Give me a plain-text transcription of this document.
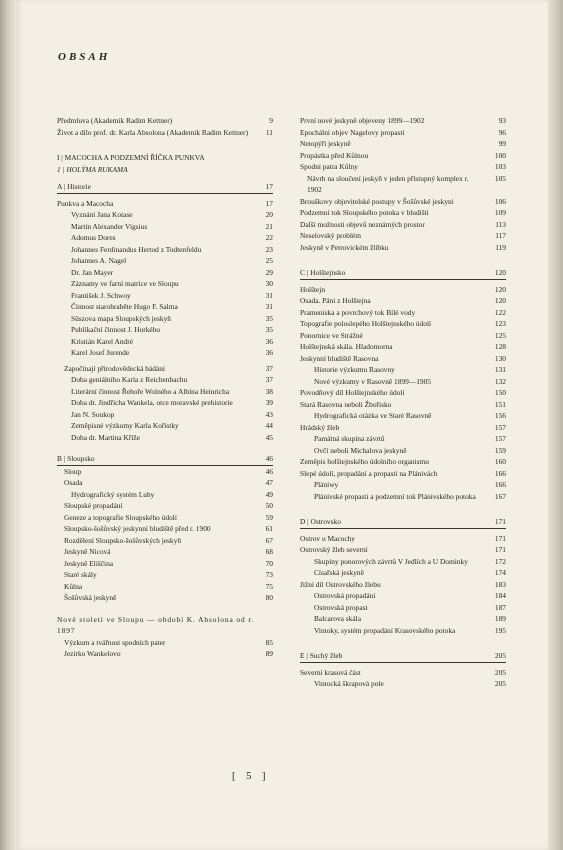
OBSAH
Předmluva (Akademik Radim Kettner)	9
Život a dílo prof. dr. Karla Absolona (Akademik Radim Kettner)	11
I | MACOCHA A PODZEMNÍ ŘÍČKA PUNKVA
1 | HOLÝMA RUKAMA
A | Historie	17
Punkva a Macocha	17
Vyznání Jana Kotase	20
Martin Alexander Vigsius	21
Adomus Dores	22
Johannes Ferdinandus Hertod z Todtenfeldu	23
Johannes A. Nagel	25
Dr. Jan Mayer	29
Záznamy ve farní matrice ve Sloupu	30
František J. Schwoy	31
Činnost starohraběte Hugo F. Salma	31
Süszova mapa Sloupských jeskyň	35
Publikační činnost J. Horkého	35
Kristián Karel André	36
Karel Josef Jurende	36
Započínají přírodovědecká bádání	37
Doba geniálního Karla z Reichenbachu	37
Literární činnost Řehoře Wolného a Albína Heinricha	38
Doba dr. Jindřicha Wankela, otce moravské prehistorie	39
Jan N. Soukop	43
Zeměpisné výzkumy Karla Kořistky	44
Doba dr. Martina Kříže	45
B | Sloupsko	46
Sloup	46
Osada	47
Hydrografický systém Luhy	49
Sloupské propadání	50
Geneze a topografie Sloupského údolí	59
Sloupsko-šošůvský jeskynní bludiště před r. 1900	61
Rozdělení Sloupsko-šošůvských jeskyň	67
Jeskyně Nicová	68
Jeskyně Eliščina	70
Staré skály	73
Kůlna	75
Šošůvská jeskyně	80
Nové století ve Sloupu — období K. Absolona od r. 1897
Výzkum a tvářnost spodních pater	85
Jezírko Wankelovo	89
První nové jeskyně objeveny 1899—1902	93
Epochální objev Nagelovy propasti	96
Netopýří jeskyně	99
Propástka před Kůlnou	100
Spodní patra Kůlny	103
Návrh na sloučení jeskyň v jeden přístupný komplex r. 1902
105
Brouškovy objevitelské postupy v Šošůvské jeskyni	106
Podzemní tok Sloupského potoka v bludišti	109
Další možnosti objevů neznámých prostor	113
Neselovský problém	117
Jeskyně v Petrovickém žlíbku	119
C | Holštejnsko	120
Holštejn	120
Osada. Páni z Holštejna	120
Prameniska a povrchový tok Bílé vody	122
Topografie poloslepého Holštejnského údolí	123
Ponornice ve Strážné	125
Holštejnská skála. Hladomorna	128
Jeskynní bludiště Rasovna	130
Historie výzkumu Rasovny	131
Nové výzkumy v Rasovně 1899—1905	132
Povodňový díl Holštejnského údolí	150
Stará Rasovna neboli Žbořisko	151
Hydrografická otázka ve Staré Rasovně	156
Hrádský žleb	157
Památná skupina závrtů	157
Ovčí neboli Michalova jeskyně	159
Zeměpis holštejnského údolního organismu	160
Slepé údolí, propadání a propasti na Plánivách	166
Plániwy	166
Plánivské propasti a podzemní tok Plánivského potoka	167
D | Ostrovsko	171
Ostrov u Macochy	171
Ostrovský žleb severní	171
Skupiny ponorových závrtů V Jedlích a U Dominky	172
Císařská jeskyně	174
Jižní díl Ostrovského žlebu	183
Ostrovská propadání	184
Ostrovská propast	187
Balcarova skála	189
Vintoky, systém propadání Krasovského potoka	195
E | Suchý žleb	205
Severní krasová část	205
Vintocká škrapová pole	205
[ 5 ]
